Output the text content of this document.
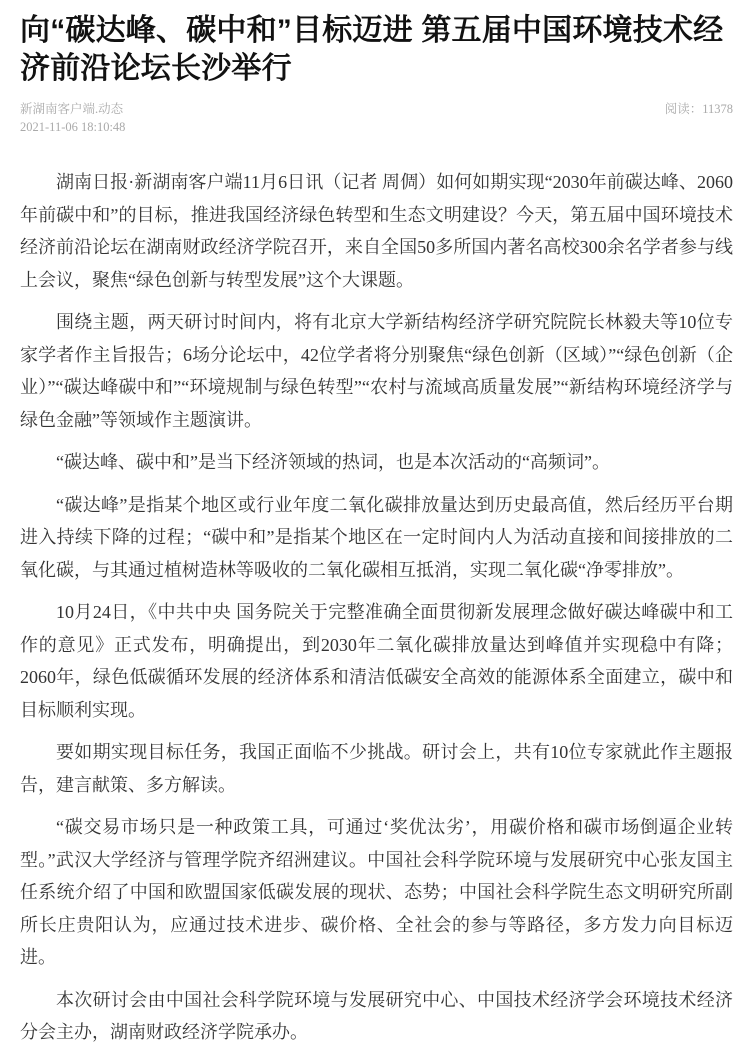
向“碳达峰、碳中和”目标迈进 第五届中国环境技术经济前沿论坛长沙举行
新湖南客户端.动态	阅读：11378
2021-11-06 18:10:48

湖南日报·新湖南客户端11月6日讯（记者 周倜）如何如期实现“2030年前碳达峰、2060年前碳中和”的目标，推进我国经济绿色转型和生态文明建设？今天，第五届中国环境技术经济前沿论坛在湖南财政经济学院召开，来自全国50多所国内著名高校300余名学者参与线上会议，聚焦“绿色创新与转型发展”这个大课题。

围绕主题，两天研讨时间内，将有北京大学新结构经济学研究院院长林毅夫等10位专家学者作主旨报告；6场分论坛中，42位学者将分别聚焦“绿色创新（区域）”“绿色创新（企业）”“碳达峰碳中和”“环境规制与绿色转型”“农村与流域高质量发展”“新结构环境经济学与绿色金融”等领域作主题演讲。

“碳达峰、碳中和”是当下经济领域的热词，也是本次活动的“高频词”。

“碳达峰”是指某个地区或行业年度二氧化碳排放量达到历史最高值，然后经历平台期进入持续下降的过程；“碳中和”是指某个地区在一定时间内人为活动直接和间接排放的二氧化碳，与其通过植树造林等吸收的二氧化碳相互抵消，实现二氧化碳“净零排放”。

10月24日，《中共中央 国务院关于完整准确全面贯彻新发展理念做好碳达峰碳中和工作的意见》正式发布，明确提出，到2030年二氧化碳排放量达到峰值并实现稳中有降；2060年，绿色低碳循环发展的经济体系和清洁低碳安全高效的能源体系全面建立，碳中和目标顺利实现。

要如期实现目标任务，我国正面临不少挑战。研讨会上，共有10位专家就此作主题报告，建言献策、多方解读。

“碳交易市场只是一种政策工具，可通过‘奖优汰劣’，用碳价格和碳市场倒逼企业转型。”武汉大学经济与管理学院齐绍洲建议。中国社会科学院环境与发展研究中心张友国主任系统介绍了中国和欧盟国家低碳发展的现状、态势；中国社会科学院生态文明研究所副所长庄贵阳认为，应通过技术进步、碳价格、全社会的参与等路径，多方发力向目标迈进。

本次研讨会由中国社会科学院环境与发展研究中心、中国技术经济学会环境技术经济分会主办，湖南财政经济学院承办。
